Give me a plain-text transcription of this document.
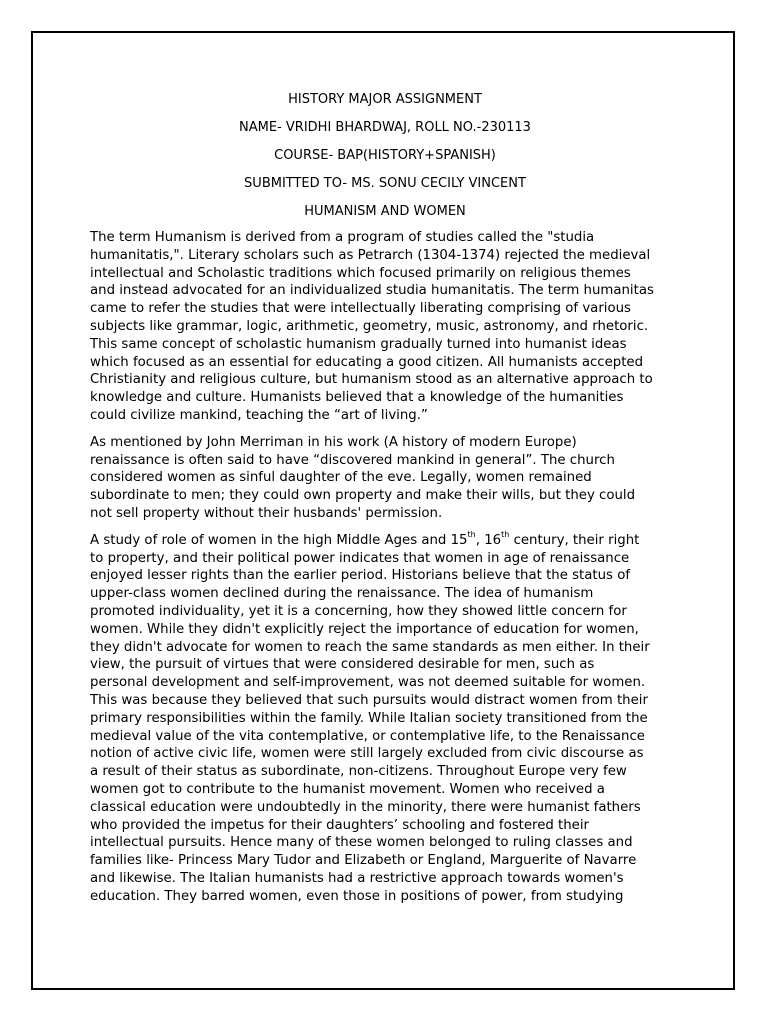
HISTORY MAJOR ASSIGNMENT
NAME- VRIDHI BHARDWAJ, ROLL NO.-230113
COURSE- BAP(HISTORY+SPANISH)
SUBMITTED TO- MS. SONU CECILY VINCENT
HUMANISM AND WOMEN
The term Humanism is derived from a program of studies called the "studia
humanitatis,". Literary scholars such as Petrarch (1304-1374) rejected the medieval
intellectual and Scholastic traditions which focused primarily on religious themes
and instead advocated for an individualized studia humanitatis. The term humanitas
came to refer the studies that were intellectually liberating comprising of various
subjects like grammar, logic, arithmetic, geometry, music, astronomy, and rhetoric.
This same concept of scholastic humanism gradually turned into humanist ideas
which focused as an essential for educating a good citizen. All humanists accepted
Christianity and religious culture, but humanism stood as an alternative approach to
knowledge and culture. Humanists believed that a knowledge of the humanities
could civilize mankind, teaching the “art of living.”
As mentioned by John Merriman in his work (A history of modern Europe)
renaissance is often said to have “discovered mankind in general”. The church
considered women as sinful daughter of the eve. Legally, women remained
subordinate to men; they could own property and make their wills, but they could
not sell property without their husbands' permission.
A study of role of women in the high Middle Ages and 15th, 16th century, their right
to property, and their political power indicates that women in age of renaissance
enjoyed lesser rights than the earlier period. Historians believe that the status of
upper-class women declined during the renaissance. The idea of humanism
promoted individuality, yet it is a concerning, how they showed little concern for
women. While they didn't explicitly reject the importance of education for women,
they didn't advocate for women to reach the same standards as men either. In their
view, the pursuit of virtues that were considered desirable for men, such as
personal development and self-improvement, was not deemed suitable for women.
This was because they believed that such pursuits would distract women from their
primary responsibilities within the family. While Italian society transitioned from the
medieval value of the vita contemplative, or contemplative life, to the Renaissance
notion of active civic life, women were still largely excluded from civic discourse as
a result of their status as subordinate, non-citizens. Throughout Europe very few
women got to contribute to the humanist movement. Women who received a
classical education were undoubtedly in the minority, there were humanist fathers
who provided the impetus for their daughters’ schooling and fostered their
intellectual pursuits. Hence many of these women belonged to ruling classes and
families like- Princess Mary Tudor and Elizabeth or England, Marguerite of Navarre
and likewise. The Italian humanists had a restrictive approach towards women's
education. They barred women, even those in positions of power, from studying
